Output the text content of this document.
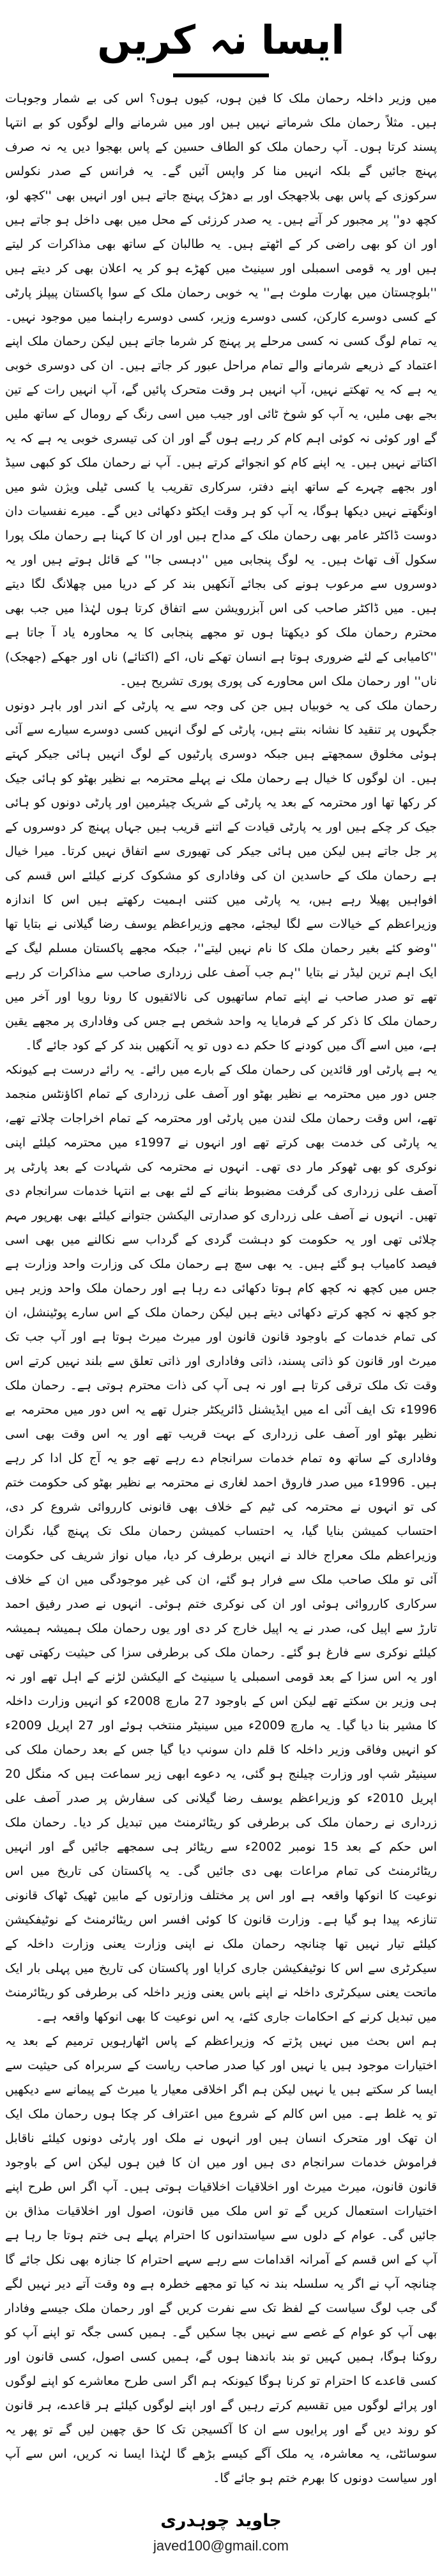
ایسا نہ کریں

میں وزیر داخلہ رحمان ملک کا فین ہوں، کیوں ہوں؟ اس کی بے شمار وجوہات ہیں۔ مثلاً رحمان ملک شرماتے نہیں ہیں اور میں شرمانے والے لوگوں کو بے انتہا پسند کرتا ہوں۔ آپ رحمان ملک کو الطاف حسین کے پاس بھجوا دیں یہ نہ صرف پہنچ جائیں گے بلکہ انہیں منا کر واپس آئیں گے۔ یہ فرانس کے صدر نکولس سرکوزی کے پاس بھی بلاجھجک اور بے دھڑک پہنچ جاتے ہیں اور انہیں بھی ''کچھ لو، کچھ دو'' پر مجبور کر آتے ہیں۔ یہ صدر کرزئی کے محل میں بھی داخل ہو جاتے ہیں اور ان کو بھی راضی کر کے اٹھتے ہیں۔ یہ طالبان کے ساتھ بھی مذاکرات کر لیتے ہیں اور یہ قومی اسمبلی اور سینیٹ میں کھڑے ہو کر یہ اعلان بھی کر دیتے ہیں ''بلوچستان میں بھارت ملوث ہے'' یہ خوبی رحمان ملک کے سوا پاکستان پیپلز پارٹی کے کسی دوسرے کارکن، کسی دوسرے وزیر، کسی دوسرے راہنما میں موجود نہیں۔ یہ تمام لوگ کسی نہ کسی مرحلے پر پہنچ کر شرما جاتے ہیں لیکن رحمان ملک اپنے اعتماد کے ذریعے شرمانے والے تمام مراحل عبور کر جاتے ہیں۔ ان کی دوسری خوبی یہ ہے کہ یہ تھکتے نہیں، آپ انہیں ہر وقت متحرک پائیں گے، آپ انہیں رات کے تین بجے بھی ملیں، یہ آپ کو شوخ ٹائی اور جیب میں اسی رنگ کے رومال کے ساتھ ملیں گے اور کوئی نہ کوئی اہم کام کر رہے ہوں گے اور ان کی تیسری خوبی یہ ہے کہ یہ اکتاتے نہیں ہیں۔ یہ اپنے کام کو انجوائے کرتے ہیں۔ آپ نے رحمان ملک کو کبھی سیڈ اور بجھے چہرے کے ساتھ اپنے دفتر، سرکاری تقریب یا کسی ٹیلی ویژن شو میں اونگھتے نہیں دیکھا ہوگا، یہ آپ کو ہر وقت ایکٹو دکھائی دیں گے۔ میرے نفسیات دان دوست ڈاکٹر عامر بھی رحمان ملک کے مداح ہیں اور ان کا کہنا ہے رحمان ملک پورا سکول آف تھاٹ ہیں۔ یہ لوگ پنجابی میں ''دہسی جا'' کے قائل ہوتے ہیں اور یہ دوسروں سے مرعوب ہونے کی بجائے آنکھیں بند کر کے دریا میں چھلانگ لگا دیتے ہیں۔ میں ڈاکٹر صاحب کی اس آبزرویشن سے اتفاق کرتا ہوں لہٰذا میں جب بھی محترم رحمان ملک کو دیکھتا ہوں تو مجھے پنجابی کا یہ محاورہ یاد آ جاتا ہے ''کامیابی کے لئے ضروری ہوتا ہے انسان تھکے ناں، اکے (اکتائے) ناں اور جھکے (جھجک) ناں'' اور رحمان ملک اس محاورے کی پوری پوری تشریح ہیں۔

رحمان ملک کی یہ خوبیاں ہیں جن کی وجہ سے یہ پارٹی کے اندر اور باہر دونوں جگہوں پر تنقید کا نشانہ بنتے ہیں، پارٹی کے لوگ انہیں کسی دوسرے سیارے سے آئی ہوئی مخلوق سمجھتے ہیں جبکہ دوسری پارٹیوں کے لوگ انہیں ہائی جیکر کہتے ہیں۔ ان لوگوں کا خیال ہے رحمان ملک نے پہلے محترمہ بے نظیر بھٹو کو ہائی جیک کر رکھا تھا اور محترمہ کے بعد یہ پارٹی کے شریک چیئرمین اور پارٹی دونوں کو ہائی جیک کر چکے ہیں اور یہ پارٹی قیادت کے اتنے قریب ہیں جہاں پہنچ کر دوسروں کے پر جل جاتے ہیں لیکن میں ہائی جیکر کی تھیوری سے اتفاق نہیں کرتا۔ میرا خیال ہے رحمان ملک کے حاسدین ان کی وفاداری کو مشکوک کرنے کیلئے اس قسم کی افواہیں پھیلا رہے ہیں، یہ پارٹی میں کتنی اہمیت رکھتے ہیں اس کا اندازہ وزیراعظم کے خیالات سے لگا لیجئے، مجھے وزیراعظم یوسف رضا گیلانی نے بتایا تھا ''وضو کئے بغیر رحمان ملک کا نام نہیں لیتے''، جبکہ مجھے پاکستان مسلم لیگ کے ایک اہم ترین لیڈر نے بتایا ''ہم جب آصف علی زرداری صاحب سے مذاکرات کر رہے تھے تو صدر صاحب نے اپنے تمام ساتھیوں کی نالائقیوں کا رونا رویا اور آخر میں رحمان ملک کا ذکر کر کے فرمایا یہ واحد شخص ہے جس کی وفاداری پر مجھے یقین ہے، میں اسے آگ میں کودنے کا حکم دے دوں تو یہ آنکھیں بند کر کے کود جائے گا۔

یہ ہے پارٹی اور قائدین کی رحمان ملک کے بارے میں رائے۔ یہ رائے درست ہے کیونکہ جس دور میں محترمہ بے نظیر بھٹو اور آصف علی زرداری کے تمام اکاؤنٹس منجمد تھے، اس وقت رحمان ملک لندن میں پارٹی اور محترمہ کے تمام اخراجات چلاتے تھے، یہ پارٹی کی خدمت بھی کرتے تھے اور انہوں نے 1997ء میں محترمہ کیلئے اپنی نوکری کو بھی ٹھوکر مار دی تھی۔ انہوں نے محترمہ کی شہادت کے بعد پارٹی پر آصف علی زرداری کی گرفت مضبوط بنانے کے لئے بھی بے انتہا خدمات سرانجام دی تھیں۔ انہوں نے آصف علی زرداری کو صدارتی الیکشن جتوانے کیلئے بھی بھرپور مہم چلائی تھی اور یہ حکومت کو دہشت گردی کے گرداب سے نکالنے میں بھی اسی فیصد کامیاب ہو گئے ہیں۔ یہ بھی سچ ہے رحمان ملک کی وزارت واحد وزارت ہے جس میں کچھ نہ کچھ کام ہوتا دکھائی دے رہا ہے اور رحمان ملک واحد وزیر ہیں جو کچھ نہ کچھ کرتے دکھائی دیتے ہیں لیکن رحمان ملک کے اس سارے پوٹینشل، ان کی تمام خدمات کے باوجود قانون قانون اور میرٹ میرٹ ہوتا ہے اور آپ جب تک میرٹ اور قانون کو ذاتی پسند، ذاتی وفاداری اور ذاتی تعلق سے بلند نہیں کرتے اس وقت تک ملک ترقی کرتا ہے اور نہ ہی آپ کی ذات محترم ہوتی ہے۔ رحمان ملک 1996ء تک ایف آئی اے میں ایڈیشنل ڈائریکٹر جنرل تھے یہ اس دور میں محترمہ بے نظیر بھٹو اور آصف علی زرداری کے بہت قریب تھے اور یہ اس وقت بھی اسی وفاداری کے ساتھ وہ تمام خدمات سرانجام دے رہے تھے جو یہ آج کل ادا کر رہے ہیں۔ 1996ء میں صدر فاروق احمد لغاری نے محترمہ بے نظیر بھٹو کی حکومت ختم کی تو انہوں نے محترمہ کی ٹیم کے خلاف بھی قانونی کارروائی شروع کر دی، احتساب کمیشن بنایا گیا، یہ احتساب کمیشن رحمان ملک تک پہنچ گیا، نگران وزیراعظم ملک معراج خالد نے انہیں برطرف کر دیا، میاں نواز شریف کی حکومت آئی تو ملک صاحب ملک سے فرار ہو گئے، ان کی غیر موجودگی میں ان کے خلاف سرکاری کارروائی ہوئی اور ان کی نوکری ختم ہوئی۔ انہوں نے صدر رفیق احمد تارڑ سے اپیل کی، صدر نے یہ اپیل خارج کر دی اور یوں رحمان ملک ہمیشہ ہمیشہ کیلئے نوکری سے فارغ ہو گئے۔ رحمان ملک کی برطرفی سزا کی حیثیت رکھتی تھی اور یہ اس سزا کے بعد قومی اسمبلی یا سینیٹ کے الیکشن لڑنے کے اہل تھے اور نہ ہی وزیر بن سکتے تھے لیکن اس کے باوجود 27 مارچ 2008ء کو انہیں وزارت داخلہ کا مشیر بنا دیا گیا۔ یہ مارچ 2009ء میں سینیٹر منتخب ہوئے اور 27 اپریل 2009ء کو انہیں وفاقی وزیر داخلہ کا قلم دان سونپ دیا گیا جس کے بعد رحمان ملک کی سینیٹر شپ اور وزارت چیلنج ہو گئی، یہ دعوے ابھی زیر سماعت ہیں کہ منگل 20 اپریل 2010ء کو وزیراعظم یوسف رضا گیلانی کی سفارش پر صدر آصف علی زرداری نے رحمان ملک کی برطرفی کو ریٹائرمنٹ میں تبدیل کر دیا۔ رحمان ملک اس حکم کے بعد 15 نومبر 2002ء سے ریٹائر ہی سمجھے جائیں گے اور انہیں ریٹائرمنٹ کی تمام مراعات بھی دی جائیں گی۔ یہ پاکستان کی تاریخ میں اس نوعیت کا انوکھا واقعہ ہے اور اس پر مختلف وزارتوں کے مابین ٹھیک ٹھاک قانونی تنازعہ پیدا ہو گیا ہے۔ وزارت قانون کا کوئی افسر اس ریٹائرمنٹ کے نوٹیفکیشن کیلئے تیار نہیں تھا چنانچہ رحمان ملک نے اپنی وزارت یعنی وزارت داخلہ کے سیکرٹری سے اس کا نوٹیفکیشن جاری کرایا اور پاکستان کی تاریخ میں پہلی بار ایک ماتحت یعنی سیکرٹری داخلہ نے اپنے باس یعنی وزیر داخلہ کی برطرفی کو ریٹائرمنٹ میں تبدیل کرنے کے احکامات جاری کئے، یہ اس نوعیت کا بھی انوکھا واقعہ ہے۔

ہم اس بحث میں نہیں پڑتے کہ وزیراعظم کے پاس اٹھارہویں ترمیم کے بعد یہ اختیارات موجود ہیں یا نہیں اور کیا صدر صاحب ریاست کے سربراہ کی حیثیت سے ایسا کر سکتے ہیں یا نہیں لیکن ہم اگر اخلاقی معیار یا میرٹ کے پیمانے سے دیکھیں تو یہ غلط ہے۔ میں اس کالم کے شروع میں اعتراف کر چکا ہوں رحمان ملک ایک ان تھک اور متحرک انسان ہیں اور انہوں نے ملک اور پارٹی دونوں کیلئے ناقابل فراموش خدمات سرانجام دی ہیں اور میں ان کا فین ہوں لیکن اس کے باوجود قانون قانون، میرٹ میرٹ اور اخلاقیات اخلاقیات ہوتی ہیں۔ آپ اگر اس طرح اپنے اختیارات استعمال کریں گے تو اس ملک میں قانون، اصول اور اخلاقیات مذاق بن جائیں گی۔ عوام کے دلوں سے سیاستدانوں کا احترام پہلے ہی ختم ہوتا جا رہا ہے آپ کے اس قسم کے آمرانہ اقدامات سے رہے سہے احترام کا جنازہ بھی نکل جائے گا چنانچہ آپ نے اگر یہ سلسلہ بند نہ کیا تو مجھے خطرہ ہے وہ وقت آتے دیر نہیں لگے گی جب لوگ سیاست کے لفظ تک سے نفرت کریں گے اور رحمان ملک جیسے وفادار بھی آپ کو عوام کے غصے سے نہیں بچا سکیں گے۔ ہمیں کسی جگہ تو اپنے آپ کو روکنا ہوگا، ہمیں کہیں تو بند باندھنا ہوں گے، ہمیں کسی اصول، کسی قانون اور کسی قاعدے کا احترام تو کرنا ہوگا کیونکہ ہم اگر اسی طرح معاشرے کو اپنے لوگوں اور پرائے لوگوں میں تقسیم کرتے رہیں گے اور اپنے لوگوں کیلئے ہر قاعدے، ہر قانون کو روند دیں گے اور پرایوں سے ان کا آکسیجن تک کا حق چھین لیں گے تو پھر یہ سوسائٹی، یہ معاشرہ، یہ ملک آگے کیسے بڑھے گا لہٰذا ایسا نہ کریں، اس سے آپ اور سیاست دونوں کا بھرم ختم ہو جائے گا۔

جاوید چوہدری
javed100@gmail.com
